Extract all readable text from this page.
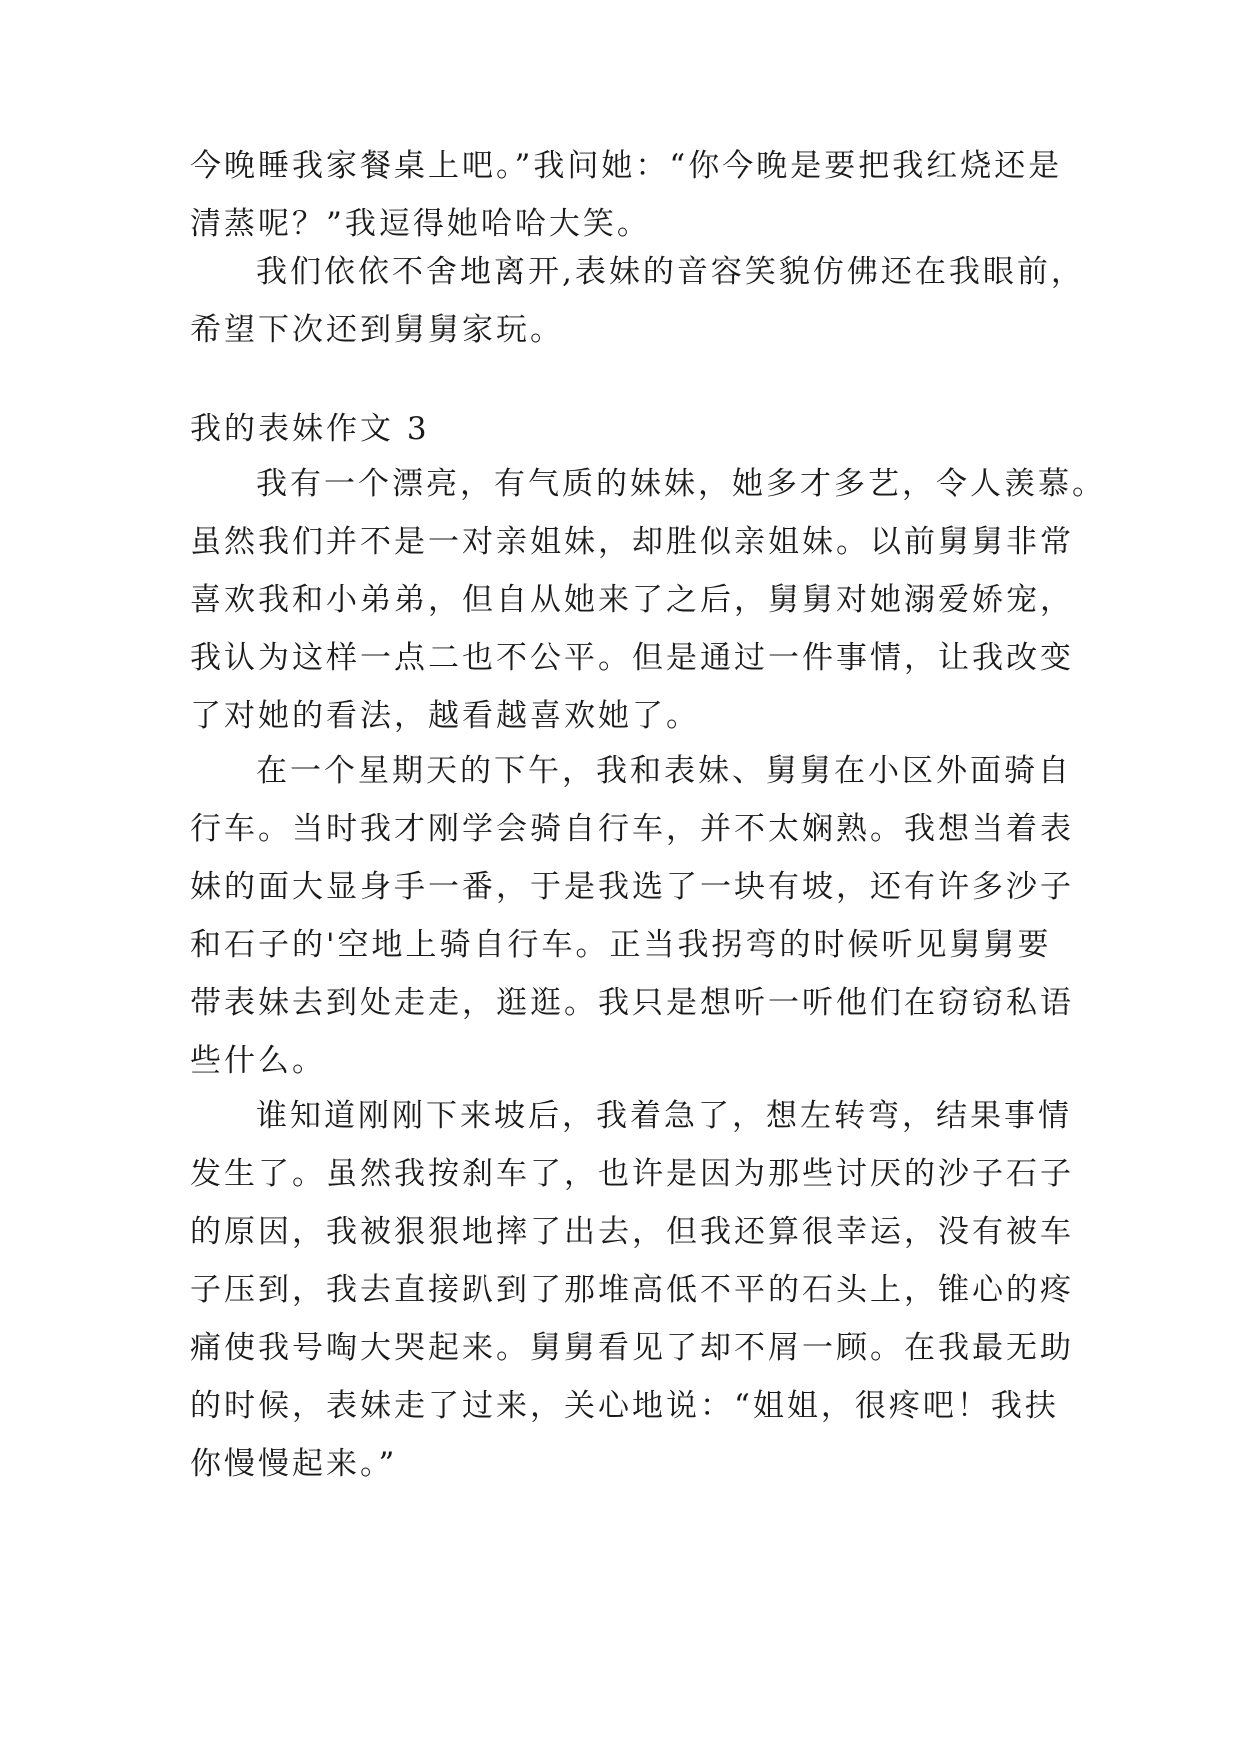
今晚睡我家餐桌上吧。”我问她：“你今晚是要把我红烧还是
清蒸呢？”我逗得她哈哈大笑。
我们依依不舍地离开,表妹的音容笑貌仿佛还在我眼前，
希望下次还到舅舅家玩。
我的表妹作文 3
我有一个漂亮，有气质的妹妹，她多才多艺，令人羡慕。
虽然我们并不是一对亲姐妹，却胜似亲姐妹。以前舅舅非常
喜欢我和小弟弟，但自从她来了之后，舅舅对她溺爱娇宠，
我认为这样一点二也不公平。但是通过一件事情，让我改变
了对她的看法，越看越喜欢她了。
在一个星期天的下午，我和表妹、舅舅在小区外面骑自
行车。当时我才刚学会骑自行车，并不太娴熟。我想当着表
妹的面大显身手一番，于是我选了一块有坡，还有许多沙子
和石子的'空地上骑自行车。正当我拐弯的时候听见舅舅要
带表妹去到处走走，逛逛。我只是想听一听他们在窃窃私语
些什么。
谁知道刚刚下来坡后，我着急了，想左转弯，结果事情
发生了。虽然我按刹车了，也许是因为那些讨厌的沙子石子
的原因，我被狠狠地摔了出去，但我还算很幸运，没有被车
子压到，我去直接趴到了那堆高低不平的石头上，锥心的疼
痛使我号啕大哭起来。舅舅看见了却不屑一顾。在我最无助
的时候，表妹走了过来，关心地说：“姐姐，很疼吧！我扶
你慢慢起来。”
